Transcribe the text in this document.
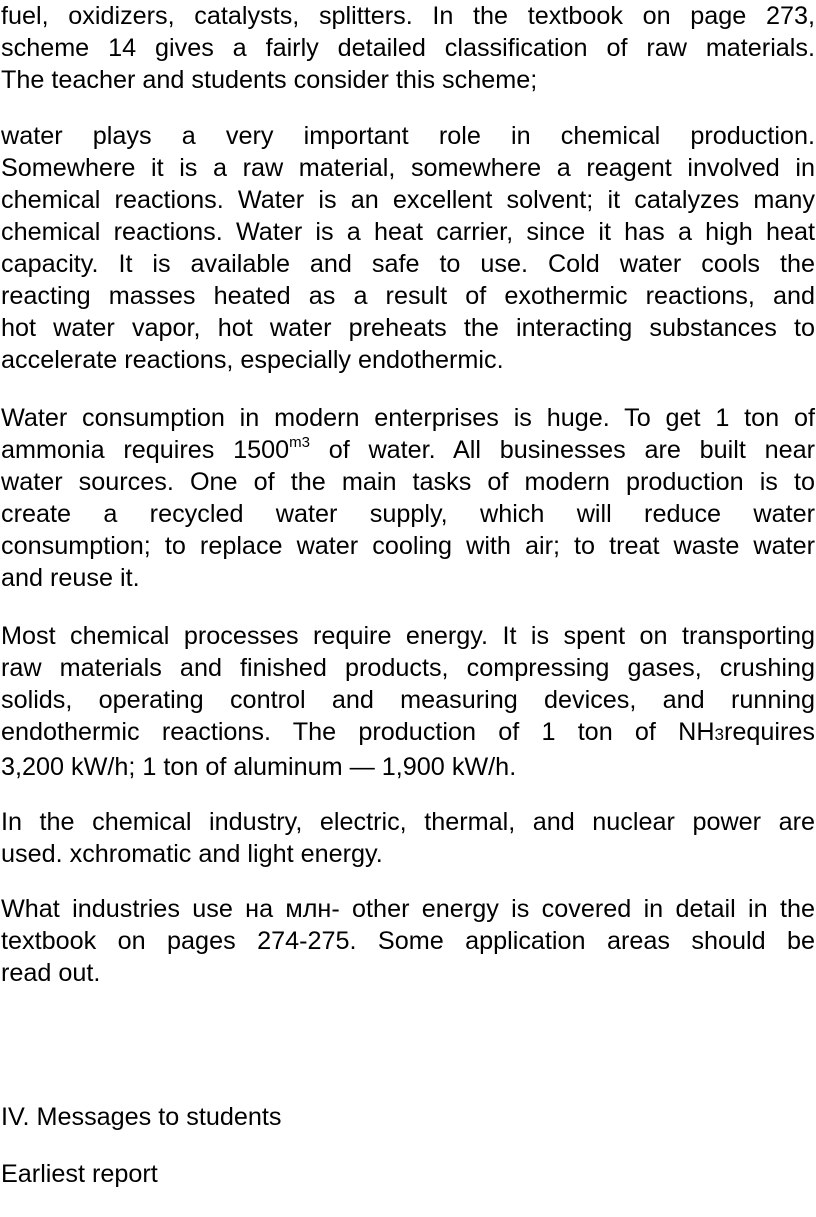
fuel, oxidizers, catalysts, splitters. In the textbook on page 273,
scheme 14 gives a fairly detailed classification of raw materials.
The teacher and students consider this scheme;

water plays a very important role in chemical production.
Somewhere it is a raw material, somewhere a reagent involved in
chemical reactions. Water is an excellent solvent; it catalyzes many
chemical reactions. Water is a heat carrier, since it has a high heat
capacity. It is available and safe to use. Cold water cools the
reacting masses heated as a result of exothermic reactions, and
hot water vapor, hot water preheats the interacting substances to
accelerate reactions, especially endothermic.

Water consumption in modern enterprises is huge. To get 1 ton of
ammonia requires $1500^{m3}$ of water. All businesses are built near
water sources. One of the main tasks of modern production is to
create a recycled water supply, which will reduce water
consumption; to replace water cooling with air; to treat waste water
and reuse it.

Most chemical processes require energy. It is spent on transporting
raw materials and finished products, compressing gases, crushing
solids, operating control and measuring devices, and running
endothermic reactions. The production of 1 ton of NH3requires
3,200 kW/h; 1 ton of aluminum — 1,900 kW/h.

In the chemical industry, electric, thermal, and nuclear power are
used. xchromatic and light energy.

What industries use на млн- other energy is covered in detail in the
textbook on pages 274-275. Some application areas should be
read out.

IV. Messages to students

Earliest report
